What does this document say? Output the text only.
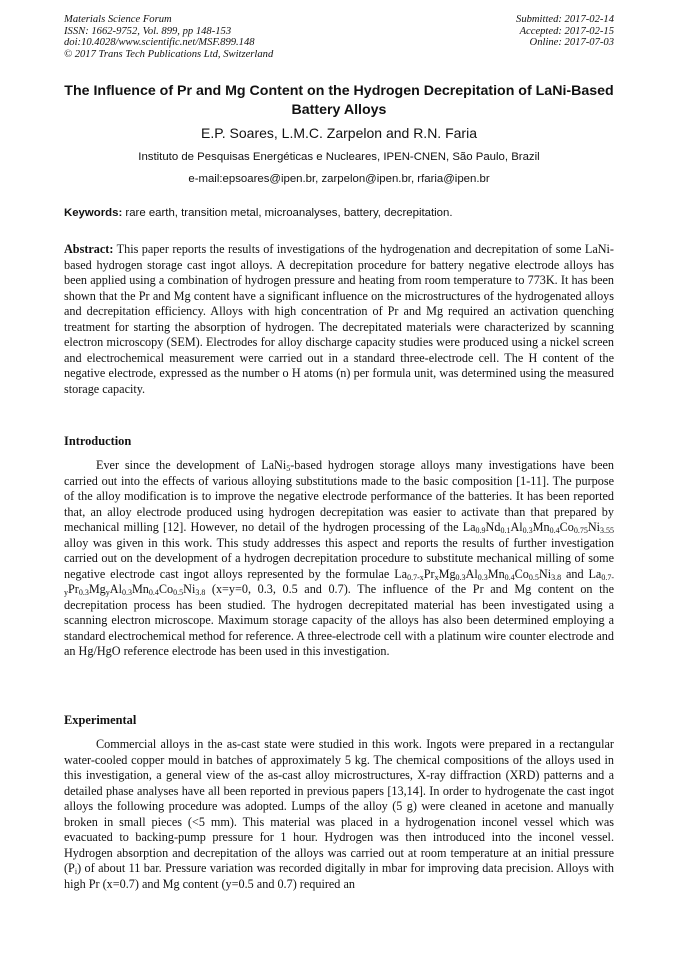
Materials Science Forum
ISSN: 1662-9752, Vol. 899, pp 148-153
doi:10.4028/www.scientific.net/MSF.899.148
© 2017 Trans Tech Publications Ltd, Switzerland
Submitted: 2017-02-14
Accepted: 2017-02-15
Online: 2017-07-03
The Influence of Pr and Mg Content on the Hydrogen Decrepitation of LaNi-Based Battery Alloys
E.P. Soares, L.M.C. Zarpelon and R.N. Faria
Instituto de Pesquisas Energéticas e Nucleares, IPEN-CNEN, São Paulo, Brazil
e-mail:epsoares@ipen.br, zarpelon@ipen.br, rfaria@ipen.br
Keywords: rare earth, transition metal, microanalyses, battery, decrepitation.
Abstract: This paper reports the results of investigations of the hydrogenation and decrepitation of some LaNi-based hydrogen storage cast ingot alloys. A decrepitation procedure for battery negative electrode alloys has been applied using a combination of hydrogen pressure and heating from room temperature to 773K. It has been shown that the Pr and Mg content have a significant influence on the microstructures of the hydrogenated alloys and decrepitation efficiency. Alloys with high concentration of Pr and Mg required an activation quenching treatment for starting the absorption of hydrogen. The decrepitated materials were characterized by scanning electron microscopy (SEM). Electrodes for alloy discharge capacity studies were produced using a nickel screen and electrochemical measurement were carried out in a standard three-electrode cell. The H content of the negative electrode, expressed as the number o H atoms (n) per formula unit, was determined using the measured storage capacity.
Introduction
Ever since the development of LaNi$_5$-based hydrogen storage alloys many investigations have been carried out into the effects of various alloying substitutions made to the basic composition [1-11]. The purpose of the alloy modification is to improve the negative electrode performance of the batteries. It has been reported that, an alloy electrode produced using hydrogen decrepitation was easier to activate than that prepared by mechanical milling [12]. However, no detail of the hydrogen processing of the $La_{0.9}Nd_{0.1}Al_{0.3}Mn_{0.4}Co_{0.75}Ni_{3.55}$ alloy was given in this work. This study addresses this aspect and reports the results of further investigation carried out on the development of a hydrogen decrepitation procedure to substitute mechanical milling of some negative electrode cast ingot alloys represented by the formulae $La_{0.7-x}Pr_xMg_{0.3}Al_{0.3}Mn_{0.4}Co_{0.5}Ni_{3.8}$ and $La_{0.7-y}Pr_{0.3}Mg_yAl_{0.3}Mn_{0.4}Co_{0.5}Ni_{3.8}$ (x=y=0, 0.3, 0.5 and 0.7). The influence of the Pr and Mg content on the decrepitation process has been studied. The hydrogen decrepitated material has been investigated using a scanning electron microscope. Maximum storage capacity of the alloys has also been determined employing a standard electrochemical method for reference. A three-electrode cell with a platinum wire counter electrode and an Hg/HgO reference electrode has been used in this investigation.
Experimental
Commercial alloys in the as-cast state were studied in this work. Ingots were prepared in a rectangular water-cooled copper mould in batches of approximately 5 kg. The chemical compositions of the alloys used in this investigation, a general view of the as-cast alloy microstructures, X-ray diffraction (XRD) patterns and a detailed phase analyses have all been reported in previous papers [13,14]. In order to hydrogenate the cast ingot alloys the following procedure was adopted. Lumps of the alloy (5 g) were cleaned in acetone and manually broken in small pieces (<5 mm). This material was placed in a hydrogenation inconel vessel which was evacuated to backing-pump pressure for 1 hour. Hydrogen was then introduced into the inconel vessel. Hydrogen absorption and decrepitation of the alloys was carried out at room temperature at an initial pressure $(P_i)$ of about 11 bar. Pressure variation was recorded digitally in mbar for improving data precision. Alloys with high Pr (x=0.7) and Mg content (y=0.5 and 0.7) required an
